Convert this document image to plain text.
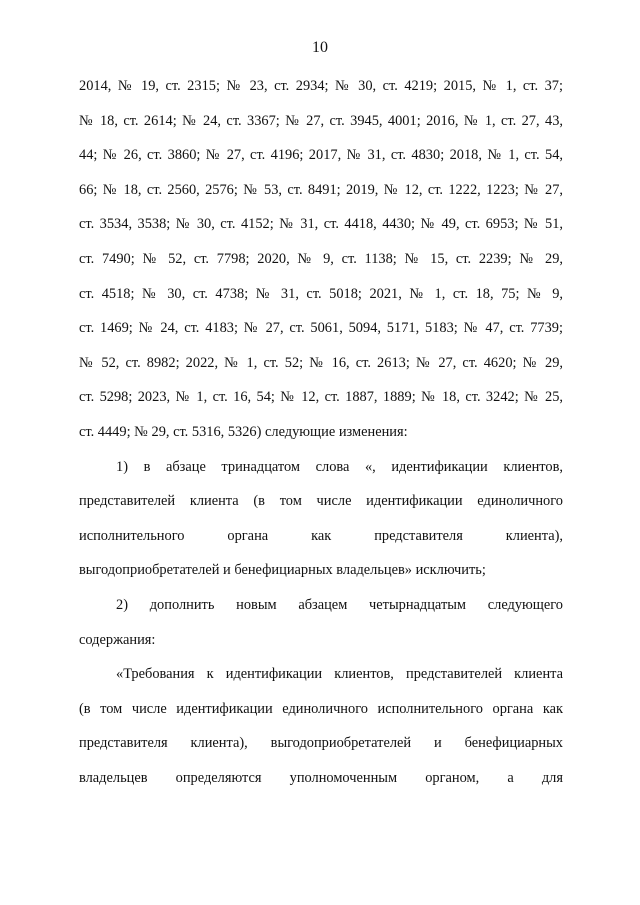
10
2014, № 19, ст. 2315; № 23, ст. 2934; № 30, ст. 4219; 2015, № 1, ст. 37;
№ 18, ст. 2614; № 24, ст. 3367; № 27, ст. 3945, 4001; 2016, № 1, ст. 27, 43,
44; № 26, ст. 3860; № 27, ст. 4196; 2017, № 31, ст. 4830; 2018, № 1, ст. 54,
66; № 18, ст. 2560, 2576; № 53, ст. 8491; 2019, № 12, ст. 1222, 1223; № 27,
ст. 3534, 3538; № 30, ст. 4152; № 31, ст. 4418, 4430; № 49, ст. 6953; № 51,
ст. 7490; № 52, ст. 7798; 2020, № 9, ст. 1138; № 15, ст. 2239; № 29,
ст. 4518; № 30, ст. 4738; № 31, ст. 5018; 2021, № 1, ст. 18, 75; № 9,
ст. 1469; № 24, ст. 4183; № 27, ст. 5061, 5094, 5171, 5183; № 47, ст. 7739;
№ 52, ст. 8982; 2022, № 1, ст. 52; № 16, ст. 2613; № 27, ст. 4620; № 29,
ст. 5298; 2023, № 1, ст. 16, 54; № 12, ст. 1887, 1889; № 18, ст. 3242; № 25,
ст. 4449; № 29, ст. 5316, 5326) следующие изменения:
1) в абзаце тринадцатом слова «, идентификации клиентов,
представителей клиента (в том числе идентификации единоличного
исполнительного органа как представителя клиента),
выгодоприобретателей и бенефициарных владельцев» исключить;
2) дополнить новым абзацем четырнадцатым следующего
содержания:
«Требования к идентификации клиентов, представителей клиента
(в том числе идентификации единоличного исполнительного органа как
представителя клиента), выгодоприобретателей и бенефициарных
владельцев определяются уполномоченным органом, а для
